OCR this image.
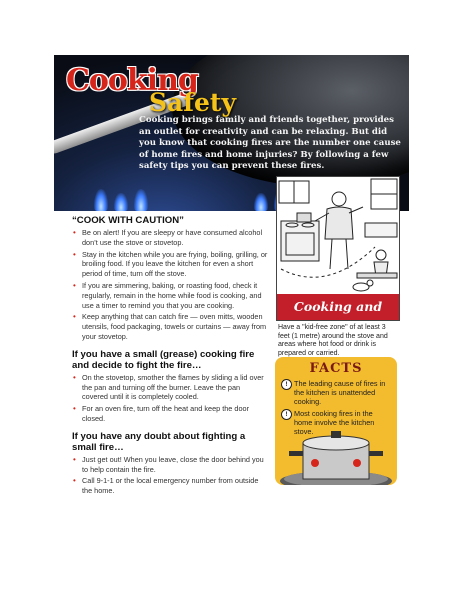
Cooking
Safety

Cooking brings family and friends together, provides an outlet for creativity and can be relaxing. But did you know that cooking fires are the number one cause of home fires and home injuries? By following a few safety tips you can prevent these fires.

“COOK WITH CAUTION”
• Be on alert! If you are sleepy or have consumed alcohol don’t use the stove or stovetop.
• Stay in the kitchen while you are frying, boiling, grilling, or broiling food. If you leave the kitchen for even a short period of time, turn off the stove.
• If you are simmering, baking, or roasting food, check it regularly, remain in the home while food is cooking, and use a timer to remind you that you are cooking.
• Keep anything that can catch fire — oven mitts, wooden utensils, food packaging, towels or curtains — away from your stovetop.
If you have a small (grease) cooking fire and decide to fight the fire…
• On the stovetop, smother the flames by sliding a lid over the pan and turning off the burner. Leave the pan covered until it is completely cooled.
• For an oven fire, turn off the heat and keep the door closed.
If you have any doubt about fighting a small fire…
• Just get out! When you leave, close the door behind you to help contain the fire.
• Call 9-1-1 or the local emergency number from outside the home.
Cooking and

Have a "kid-free zone" of at least 3 feet (1 metre) around the stove and areas where hot food or drink is prepared or carried.

FACTS
! The leading cause of fires in the kitchen is unattended cooking.
! Most cooking fires in the home involve the kitchen stove.
